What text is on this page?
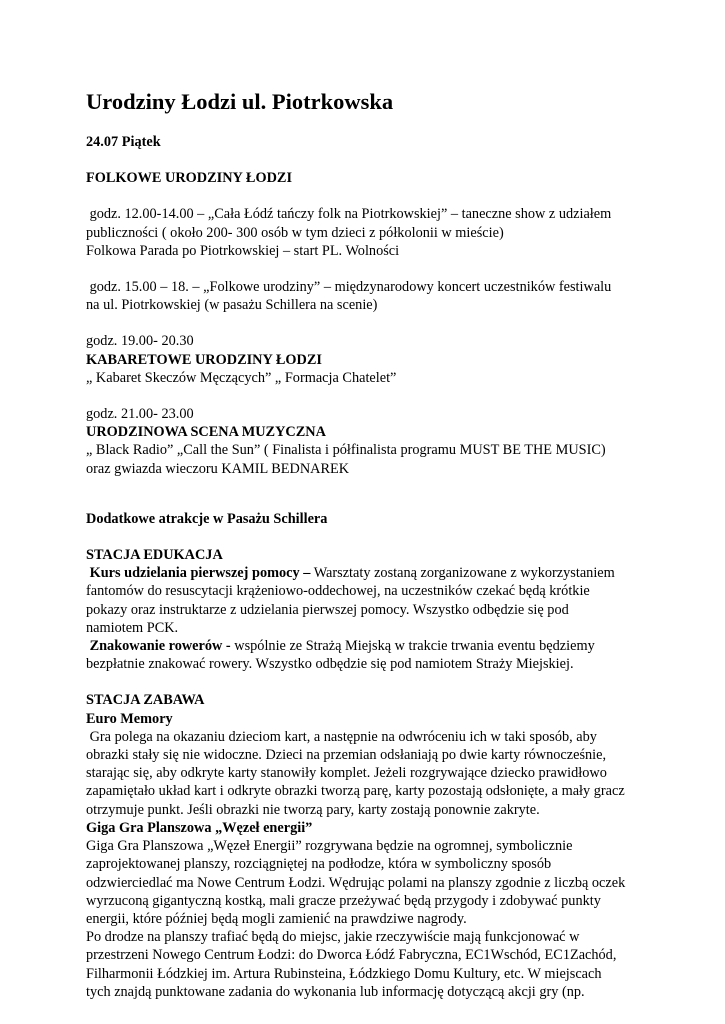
Urodziny Łodzi ul. Piotrkowska

24.07 Piątek

FOLKOWE URODZINY ŁODZI

godz. 12.00-14.00 – „Cała Łódź tańczy folk na Piotrkowskiej” – taneczne show z udziałem

publiczności ( około 200- 300 osób w tym dzieci z półkolonii w mieście)

Folkowa Parada po Piotrkowskiej – start PL. Wolności

godz. 15.00 – 18. – „Folkowe urodziny” – międzynarodowy koncert uczestników festiwalu

na ul. Piotrkowskiej (w pasażu Schillera na scenie)

godz. 19.00- 20.30

KABARETOWE URODZINY ŁODZI

„ Kabaret Skeczów Męczących” „ Formacja Chatelet”

godz. 21.00- 23.00

URODZINOWA SCENA MUZYCZNA

„ Black Radio” „Call the Sun” ( Finalista i półfinalista programu MUST BE THE MUSIC)

oraz gwiazda wieczoru KAMIL BEDNAREK

Dodatkowe atrakcje w Pasażu Schillera

STACJA EDUKACJA

Kurs udzielania pierwszej pomocy – Warsztaty zostaną zorganizowane z wykorzystaniem

fantomów do resuscytacji krążeniowo-oddechowej, na uczestników czekać będą krótkie

pokazy oraz instruktarze z udzielania pierwszej pomocy. Wszystko odbędzie się pod

namiotem PCK.

Znakowanie rowerów - wspólnie ze Strażą Miejską w trakcie trwania eventu będziemy

bezpłatnie znakować rowery. Wszystko odbędzie się pod namiotem Straży Miejskiej.

STACJA ZABAWA

Euro Memory

Gra polega na okazaniu dzieciom kart, a następnie na odwróceniu ich w taki sposób, aby

obrazki stały się nie widoczne. Dzieci na przemian odsłaniają po dwie karty równocześnie,

starając się, aby odkryte karty stanowiły komplet. Jeżeli rozgrywające dziecko prawidłowo

zapamiętało układ kart i odkryte obrazki tworzą parę, karty pozostają odsłonięte, a mały gracz

otrzymuje punkt. Jeśli obrazki nie tworzą pary, karty zostają ponownie zakryte.

Giga Gra Planszowa „Węzeł energii”

Giga Gra Planszowa „Węzeł Energii” rozgrywana będzie na ogromnej, symbolicznie

zaprojektowanej planszy, rozciągniętej na podłodze, która w symboliczny sposób

odzwierciedlać ma Nowe Centrum Łodzi. Wędrując polami na planszy zgodnie z liczbą oczek

wyrzuconą gigantyczną kostką, mali gracze przeżywać będą przygody i zdobywać punkty

energii, które później będą mogli zamienić na prawdziwe nagrody.

Po drodze na planszy trafiać będą do miejsc, jakie rzeczywiście mają funkcjonować w

przestrzeni Nowego Centrum Łodzi: do Dworca Łódź Fabryczna, EC1Wschód, EC1Zachód,

Filharmonii Łódzkiej im. Artura Rubinsteina, Łódzkiego Domu Kultury, etc. W miejscach

tych znajdą punktowane zadania do wykonania lub informację dotyczącą akcji gry (np.
